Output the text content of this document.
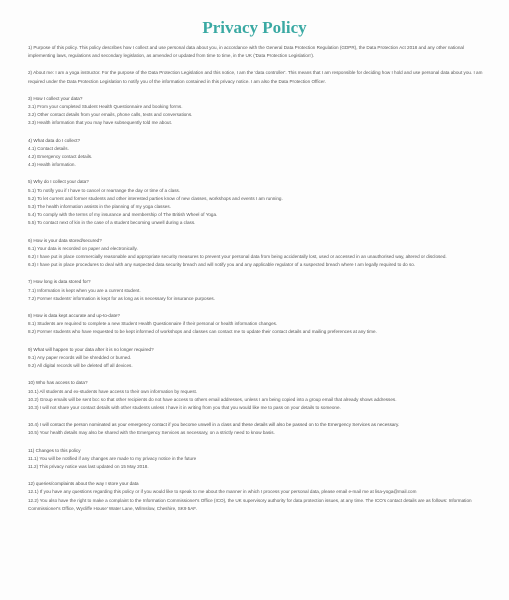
Privacy Policy
1) Purpose of this policy. This policy describes how I collect and use personal data about you, in accordance with the General Data Protection Regulation (GDPR), the Data Protection Act 2018 and any other national implementing laws, regulations and secondary legislation, as amended or updated from time to time, in the UK ('Data Protection Legislation').
2) About me: I am a yoga instructor. For the purpose of the Data Protection Legislation and this notice, I am the 'data controller'. This means that I am responsible for deciding how I hold and use personal data about you. I am required under the Data Protection Legislation to notify you of the information contained in this privacy notice. I am also the Data Protection Officer.
3) How I collect your data?
3.1) From your completed Student Health Questionnaire and booking forms.
3.2) Other contact details from your emails, phone calls, texts and conversations.
3.3) Health information that you may have subsequently told me about.
4) What data do I collect?
4.1) Contact details.
4.2) Emergency contact details.
4.3) Health information.
5) Why do I collect your data?
5.1) To notify you if I have to cancel or rearrange the day or time of a class.
5.2) To let current and former students and other interested parties know of new classes, workshops and events I am running.
5.3) The health information assists in the planning of my yoga classes.
5.4) To comply with the terms of my insurance and membership of The British Wheel of Yoga.
5.5) To contact next of kin in the case of a student becoming unwell during a class.
6) How is your data stored/secured?
6.1) Your data is recorded on paper and electronically.
6.2) I have put in place commercially reasonable and appropriate security measures to prevent your personal data from being accidentally lost, used or accessed in an unauthorised way, altered or disclosed.
6.3) I have put in place procedures to deal with any suspected data security breach and will notify you and any applicable regulator of a suspected breach where I am legally required to do so.
7) How long is data stored for?
7.1) Information is kept when you are a current student.
7.2) Former students' information is kept for as long as is necessary for insurance purposes.
8) How is data kept accurate and up-to-date?
8.1) Students are required to complete a new Student Health Questionnaire if their personal or health information changes.
8.2) Former students who have requested to be kept informed of workshops and classes can contact me to update their contact details and mailing preferences at any time.
9) What will happen to your data after it is no longer required?
9.1) Any paper records will be shredded or burned.
9.2) All digital records will be deleted off all devices.
10) Who has access to data?
10.1) All students and ex-students have access to their own information by request.
10.2) Group emails will be sent bcc so that other recipients do not have access to others email addresses, unless I am being copied into a group email that already shows addresses.
10.3) I will not share your contact details with other students unless I have it in writing from you that you would like me to pass on your details to someone.
10.4) I will contact the person nominated as your emergency contact if you become unwell in a class and these details will also be passed on to the Emergency Services as necessary.
10.5) Your health details may also be shared with the Emergency Services as necessary, on a strictly need to know basis.
11) Changes to this policy
11.1) You will be notified if any changes are made to my privacy notice in the future
11.2) This privacy notice was last updated on 15 May 2018.
12) queries/complaints about the way I store your data
12.1) If you have any questions regarding this policy or if you would like to speak to me about the manner in which I process your personal data, please email e-mail me at lisa-yoga@mail.com
12.2) You also have the right to make a complaint to the Information Commissioner's Office (ICO), the UK supervisory authority for data protection issues, at any time. The ICO's contact details are as follows: Information Commissioner's Office, Wycliffe House' Water Lane, Wilmslow, Cheshire, SK9 5AF.
